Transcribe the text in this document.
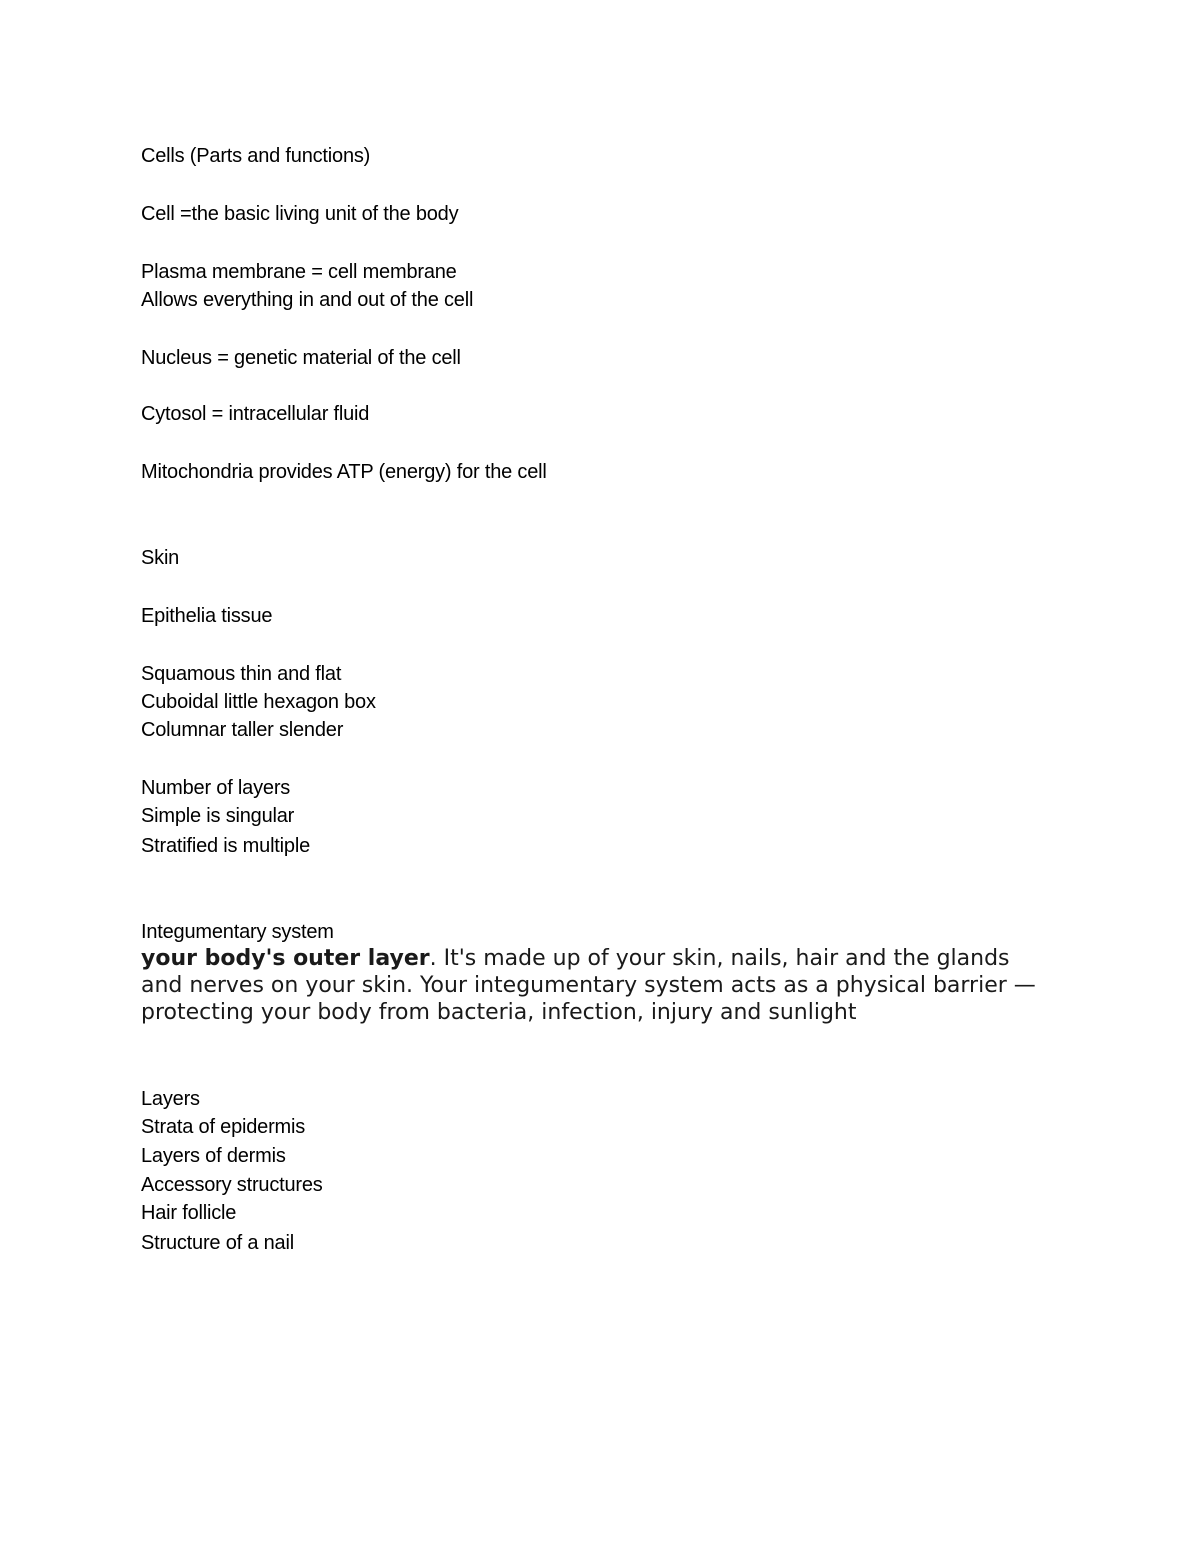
Cells (Parts and functions)
Cell =the basic living unit of the body
Plasma membrane = cell membrane
Allows everything in and out of the cell
Nucleus = genetic material of the cell
Cytosol = intracellular fluid
Mitochondria provides ATP (energy) for the cell
Skin
Epithelia tissue
Squamous thin and flat
Cuboidal little hexagon box
Columnar taller slender
Number of layers
Simple is singular
Stratified is multiple
Integumentary system
your body's outer layer. It's made up of your skin, nails, hair and the glands and nerves on your skin. Your integumentary system acts as a physical barrier — protecting your body from bacteria, infection, injury and sunlight
Layers
Strata of epidermis
Layers of dermis
Accessory structures
Hair follicle
Structure of a nail
